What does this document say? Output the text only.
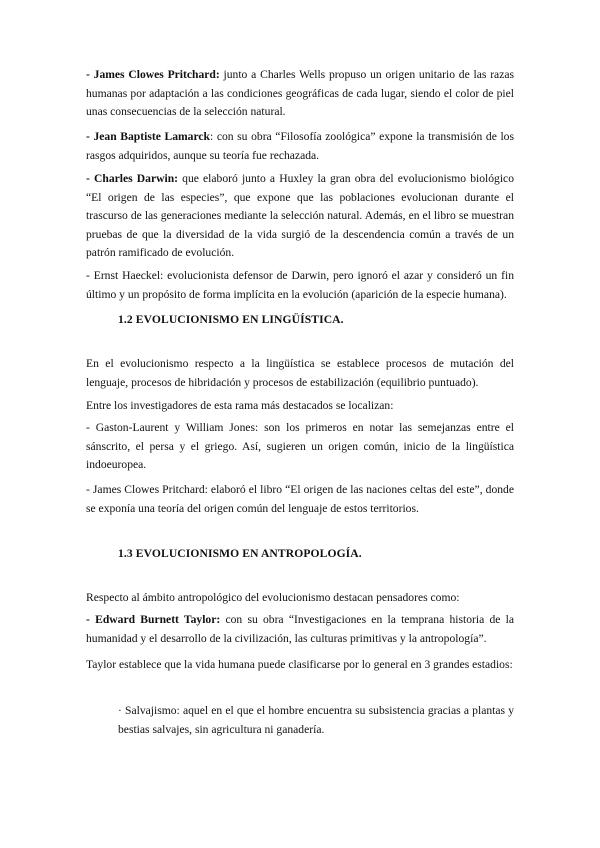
- James Clowes Pritchard: junto a Charles Wells propuso un origen unitario de las razas humanas por adaptación a las condiciones geográficas de cada lugar, siendo el color de piel unas consecuencias de la selección natural.

- Jean Baptiste Lamarck: con su obra “Filosofía zoológica” expone la transmisión de los rasgos adquiridos, aunque su teoría fue rechazada.

- Charles Darwin: que elaboró junto a Huxley la gran obra del evolucionismo biológico “El origen de las especies”, que expone que las poblaciones evolucionan durante el trascurso de las generaciones mediante la selección natural. Además, en el libro se muestran pruebas de que la diversidad de la vida surgió de la descendencia común a través de un patrón ramificado de evolución.

- Ernst Haeckel: evolucionista defensor de Darwin, pero ignoró el azar y consideró un fin último y un propósito de forma implícita en la evolución (aparición de la especie humana).

1.2 EVOLUCIONISMO EN LINGÜÍSTICA.

En el evolucionismo respecto a la lingüística se establece procesos de mutación del lenguaje, procesos de hibridación y procesos de estabilización (equilibrio puntuado).

Entre los investigadores de esta rama más destacados se localizan:

- Gaston-Laurent y William Jones: son los primeros en notar las semejanzas entre el sánscrito, el persa y el griego. Así, sugieren un origen común, inicio de la lingüística indoeuropea.

- James Clowes Pritchard: elaboró el libro “El origen de las naciones celtas del este”, donde se exponía una teoría del origen común del lenguaje de estos territorios.

1.3 EVOLUCIONISMO EN ANTROPOLOGÍA.

Respecto al ámbito antropológico del evolucionismo destacan pensadores como:

- Edward Burnett Taylor: con su obra “Investigaciones en la temprana historia de la humanidad y el desarrollo de la civilización, las culturas primitivas y la antropología”.

Taylor establece que la vida humana puede clasificarse por lo general en 3 grandes estadios:

· Salvajismo: aquel en el que el hombre encuentra su subsistencia gracias a plantas y bestias salvajes, sin agricultura ni ganadería.
